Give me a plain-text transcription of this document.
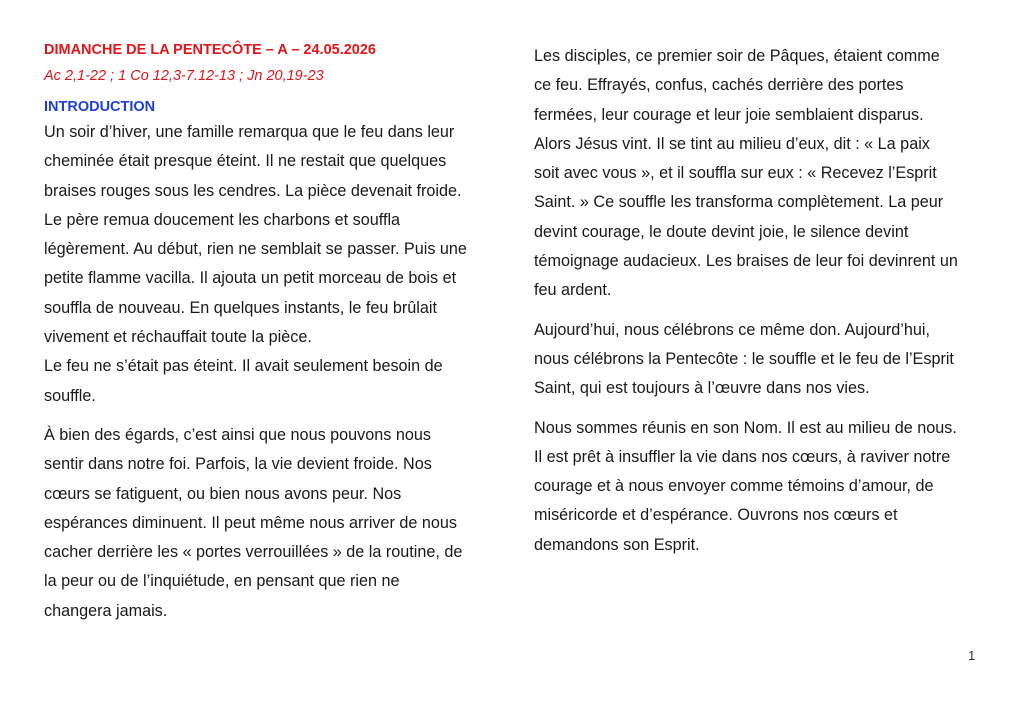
DIMANCHE DE LA PENTECÔTE – A – 24.05.2026

Ac 2,1-22 ; 1 Co 12,3-7.12-13 ; Jn 20,19-23

INTRODUCTION

Un soir d’hiver, une famille remarqua que le feu dans leur
cheminée était presque éteint. Il ne restait que quelques
braises rouges sous les cendres. La pièce devenait froide.
Le père remua doucement les charbons et souffla
légèrement. Au début, rien ne semblait se passer. Puis une
petite flamme vacilla. Il ajouta un petit morceau de bois et
souffla de nouveau. En quelques instants, le feu brûlait
vivement et réchauffait toute la pièce.
Le feu ne s’était pas éteint. Il avait seulement besoin de
souffle.

À bien des égards, c’est ainsi que nous pouvons nous
sentir dans notre foi. Parfois, la vie devient froide. Nos
cœurs se fatiguent, ou bien nous avons peur. Nos
espérances diminuent. Il peut même nous arriver de nous
cacher derrière les « portes verrouillées » de la routine, de
la peur ou de l’inquiétude, en pensant que rien ne
changera jamais.

Les disciples, ce premier soir de Pâques, étaient comme
ce feu. Effrayés, confus, cachés derrière des portes
fermées, leur courage et leur joie semblaient disparus.
Alors Jésus vint. Il se tint au milieu d’eux, dit : « La paix
soit avec vous », et il souffla sur eux : « Recevez l’Esprit
Saint. » Ce souffle les transforma complètement. La peur
devint courage, le doute devint joie, le silence devint
témoignage audacieux. Les braises de leur foi devinrent un
feu ardent.

Aujourd’hui, nous célébrons ce même don. Aujourd’hui,
nous célébrons la Pentecôte : le souffle et le feu de l’Esprit
Saint, qui est toujours à l’œuvre dans nos vies.

Nous sommes réunis en son Nom. Il est au milieu de nous.
Il est prêt à insuffler la vie dans nos cœurs, à raviver notre
courage et à nous envoyer comme témoins d’amour, de
miséricorde et d’espérance. Ouvrons nos cœurs et
demandons son Esprit.

1
